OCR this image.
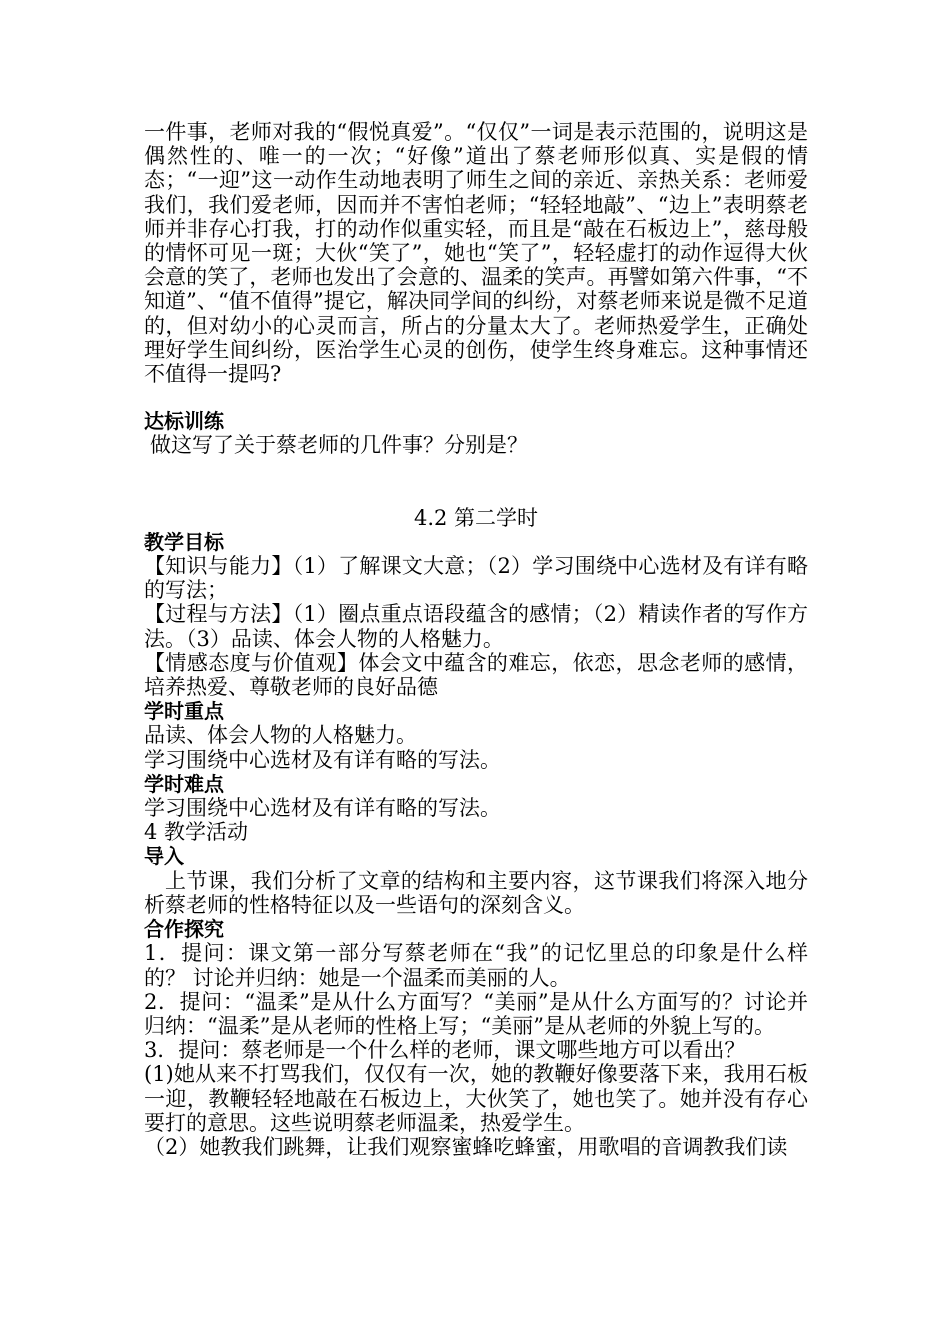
一件事，老师对我的“假悦真爱”。“仅仅”一词是表示范围的，说明这是偶然性的、唯一的一次；“好像”道出了蔡老师形似真、实是假的情态；“一迎”这一动作生动地表明了师生之间的亲近、亲热关系：老师爱我们，我们爱老师，因而并不害怕老师；“轻轻地敲”、“边上”表明蔡老师并非存心打我，打的动作似重实轻，而且是“敲在石板边上”，慈母般的情怀可见一斑；大伙“笑了”，她也“笑了”，轻轻虚打的动作逗得大伙会意的笑了，老师也发出了会意的、温柔的笑声。再譬如第六件事，“不知道”、“值不值得”提它，解决同学间的纠纷，对蔡老师来说是微不足道的，但对幼小的心灵而言，所占的分量太大了。老师热爱学生，正确处理好学生间纠纷，医治学生心灵的创伤，使学生终身难忘。这种事情还不值得一提吗?

达标训练

做这写了关于蔡老师的几件事？分别是？

4.2 第二学时

教学目标

【知识与能力】（1）了解课文大意；（2）学习围绕中心选材及有详有略的写法；

【过程与方法】（1）圈点重点语段蕴含的感情；（2）精读作者的写作方法。（3）品读、体会人物的人格魅力。

【情感态度与价值观】体会文中蕴含的难忘，依恋，思念老师的感情，培养热爱、尊敬老师的良好品德

学时重点

品读、体会人物的人格魅力。

学习围绕中心选材及有详有略的写法。

学时难点

学习围绕中心选材及有详有略的写法。

4 教学活动

导入

上节课，我们分析了文章的结构和主要内容，这节课我们将深入地分析蔡老师的性格特征以及一些语句的深刻含义。

合作探究

1．提问：课文第一部分写蔡老师在“我”的记忆里总的印象是什么样的？ 讨论并归纳：她是一个温柔而美丽的人。

2．提问：“温柔”是从什么方面写？“美丽”是从什么方面写的？讨论并归纳：“温柔”是从老师的性格上写；“美丽”是从老师的外貌上写的。

3．提问：蔡老师是一个什么样的老师，课文哪些地方可以看出？

(1)她从来不打骂我们，仅仅有一次，她的教鞭好像要落下来，我用石板一迎，教鞭轻轻地敲在石板边上，大伙笑了，她也笑了。她并没有存心要打的意思。这些说明蔡老师温柔，热爱学生。

（2）她教我们跳舞，让我们观察蜜蜂吃蜂蜜，用歌唱的音调教我们读
